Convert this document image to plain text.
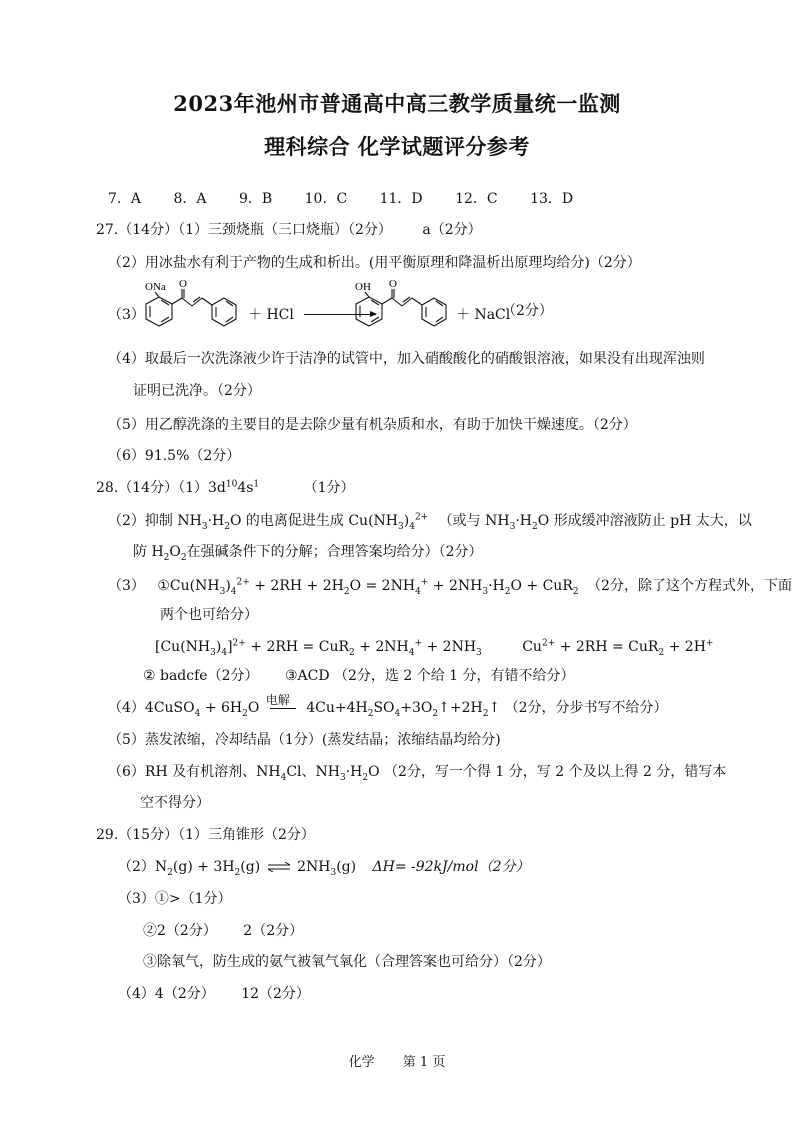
2023年池州市普通高中高三教学质量统一监测
理科综合 化学试题评分参考
7．A 8．A 9．B 10．C 11．D 12．C 13．D
27.（14分）（1）三颈烧瓶（三口烧瓶）（2分） a（2分）
（2）用冰盐水有利于产物的生成和析出。(用平衡原理和降温析出原理均给分)（2分）
（3）
ONa O
＋ HCl
OH O
＋ NaCl
（2分）
（4）取最后一次洗涤液少许于洁净的试管中，加入硝酸酸化的硝酸银溶液，如果没有出现浑浊则
证明已洗净。（2分）
（5）用乙醇洗涤的主要目的是去除少量有机杂质和水，有助于加快干燥速度。（2分）
（6）91.5%（2分）
28.（14分）$(1)3d^{10}4s^1$	（1分）
（2）抑制 $NH_3\cdot H_2O$ 的电离促进生成 $Cu(NH_3)_4^{2+}$ （或与 $NH_3\cdot H_2O$ 形成缓冲溶液防止 pH 太大，以
防 $H_2O_2$在强碱条件下的分解；合理答案均给分）（2分）
（3） $①Cu(NH_3)_4^{2+} + 2RH + 2H_2O = 2NH_4^+ + 2NH_3\cdot H_2O + CuR_2$ （2分，除了这个方程式外，下面
两个也可给分）
$[Cu(NH_3)_4]^{2+} + 2RH = CuR_2 + 2NH_4^+ + 2NH_3$	$Cu^{2+} + 2RH = CuR_2 + 2H^+$
② badcfe（2分） ③ACD （2分，选 2 个给 1 分，有错不给分）
（4）4CuSO$_4$ + $6H_2O$
电解
$4Cu+4H_2SO_4+3O_2↑+2H_2↑$ （2分，分步书写不给分）
（5）蒸发浓缩，冷却结晶（1分）(蒸发结晶；浓缩结晶均给分)
（6）RH 及有机溶剂、$NH_4Cl$、$NH_3\cdot H_2O$ （2分，写一个得 1 分，写 2 个及以上得 2 分，错写本
空不得分）
29.（15分）（1）三角锥形（2分）
$(2)N_2(g) + 3H_2(g)$ ⇌ $2NH_3(g)$ ΔH= -92kJ/mol（2分）
（3）①>（1分）
②2（2分） 2（2分）
③除氧气，防生成的氨气被氧气氧化（合理答案也可给分）（2分）
（4）4（2分） 12（2分）
化学 第 1 页
